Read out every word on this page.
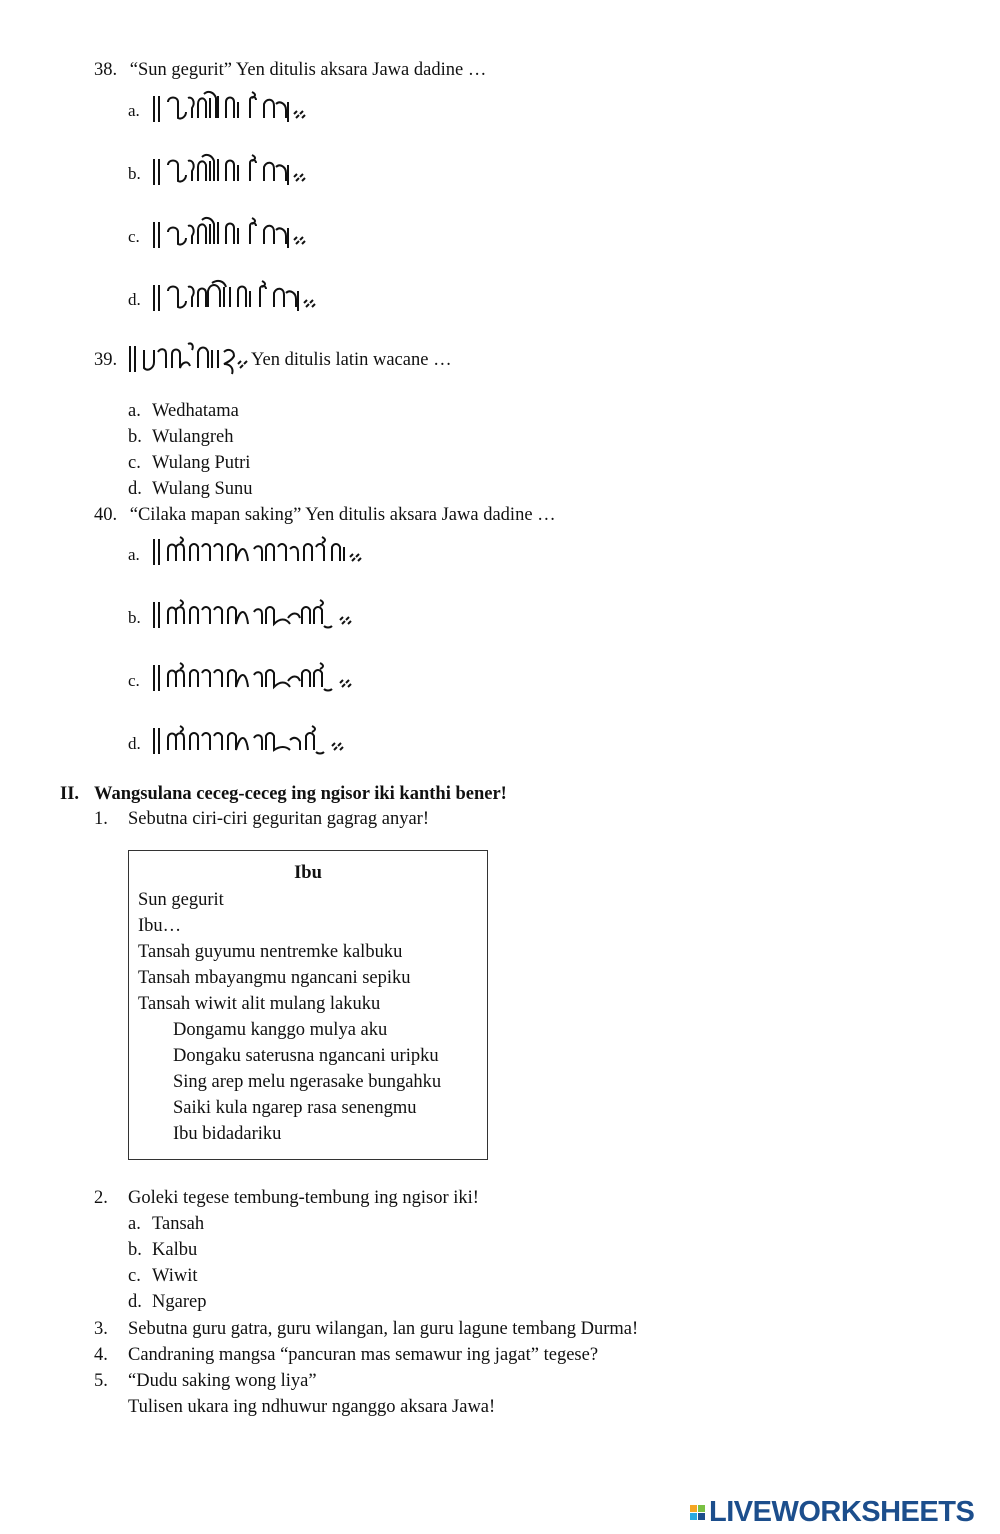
38. “Sun gegurit” Yen ditulis aksara Jawa dadine …
a.
b.
c.
d.
39.	Yen ditulis latin wacane …
a. Wedhatama
b. Wulangreh
c. Wulang Putri
d. Wulang Sunu
40. “Cilaka mapan saking” Yen ditulis aksara Jawa dadine …
a.
b.
c.
d.
II. Wangsulana ceceg-ceceg ing ngisor iki kanthi bener!
1. Sebutna ciri-ciri geguritan gagrag anyar!
Ibu
Sun gegurit
Ibu…
Tansah guyumu nentremke kalbuku
Tansah mbayangmu ngancani sepiku
Tansah wiwit alit mulang lakuku
Dongamu kanggo mulya aku
Dongaku saterusna ngancani uripku
Sing arep melu ngerasake bungahku
Saiki kula ngarep rasa senengmu
Ibu bidadariku
2. Goleki tegese tembung-tembung ing ngisor iki!
a. Tansah
b. Kalbu
c. Wiwit
d. Ngarep
3. Sebutna guru gatra, guru wilangan, lan guru lagune tembang Durma!
4. Candraning mangsa “pancuran mas semawur ing jagat” tegese?
5. “Dudu saking wong liya”
Tulisen ukara ing ndhuwur nganggo aksara Jawa!
LIVEWORKSHEETS
